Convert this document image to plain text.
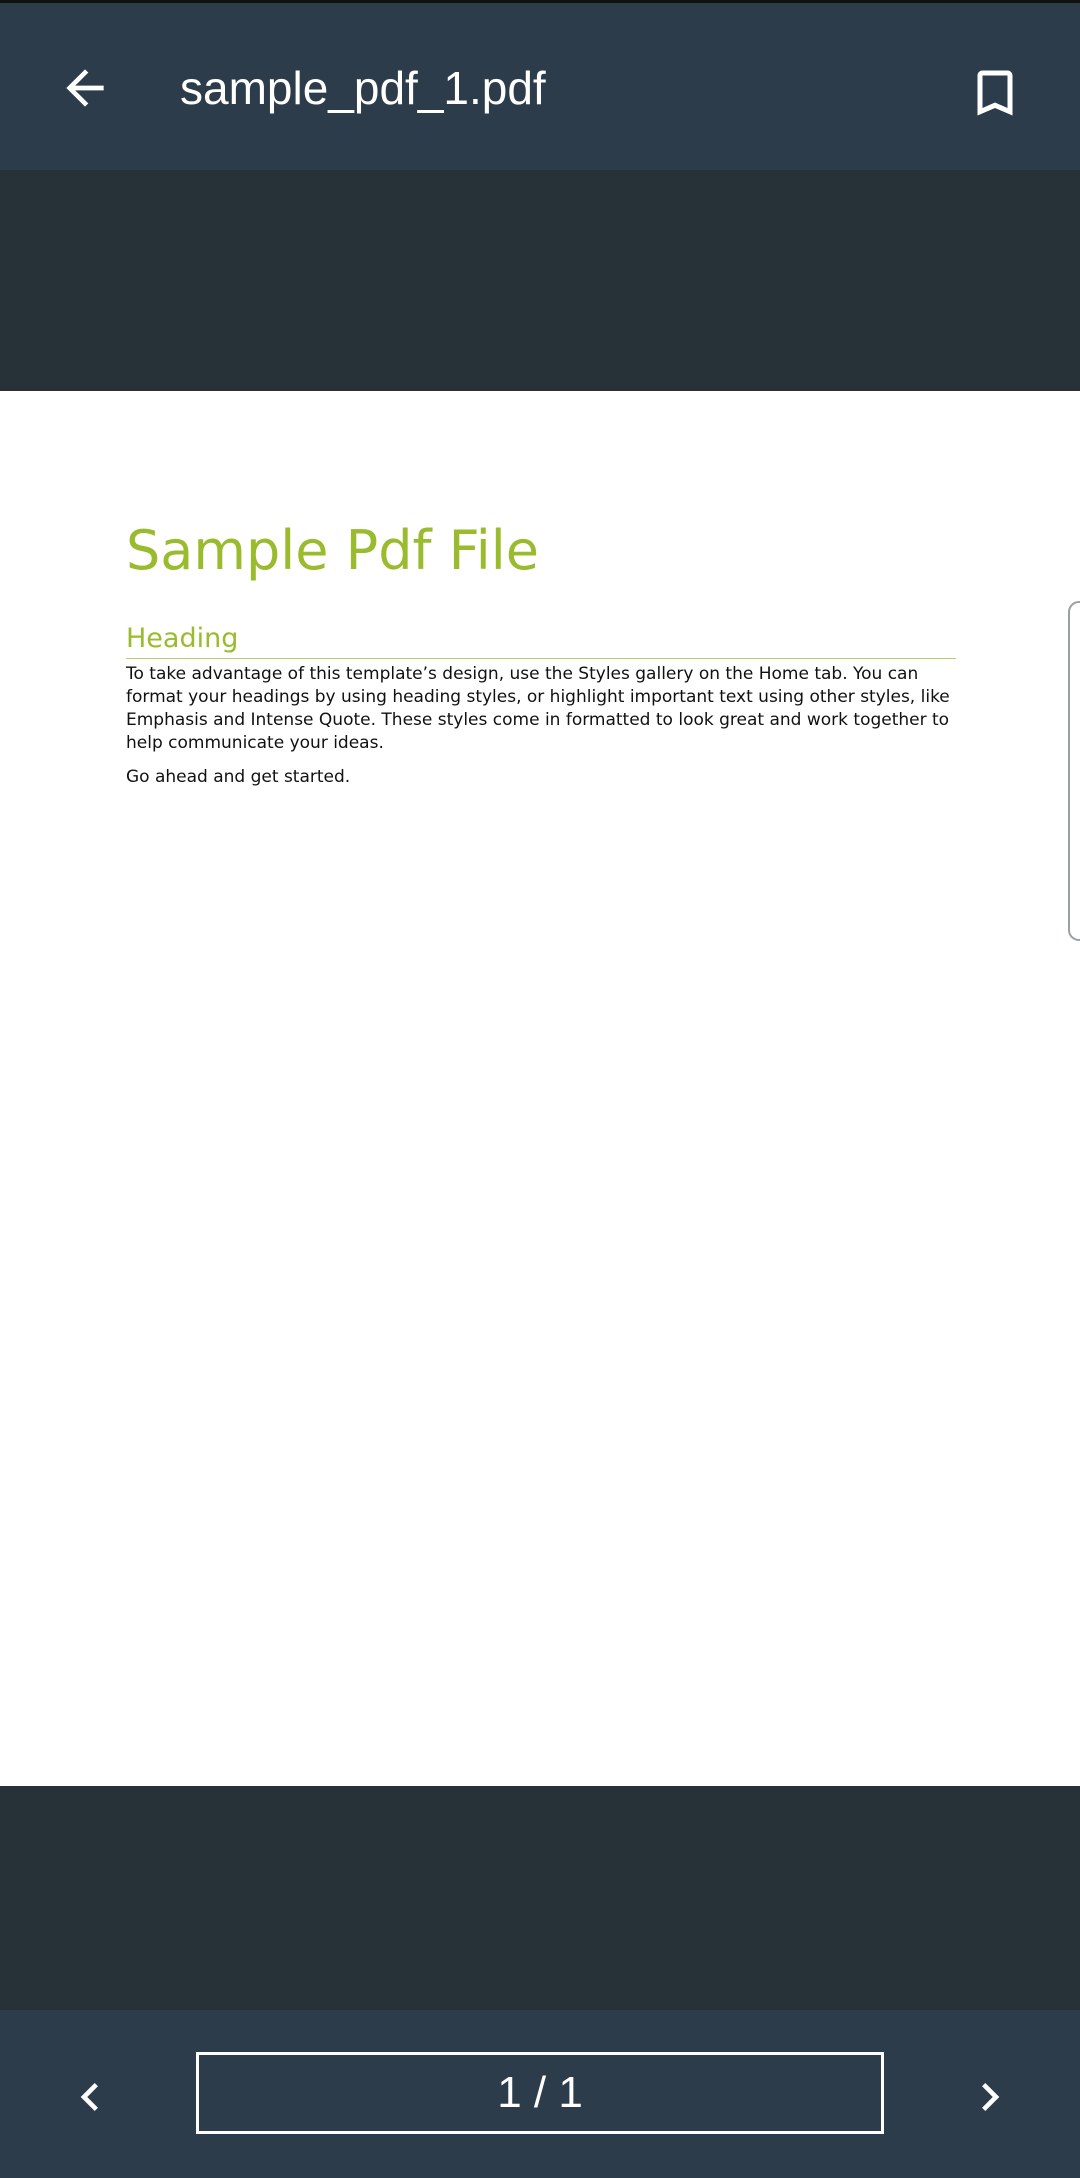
sample_pdf_1.pdf
Sample Pdf File
Heading

To take advantage of this template’s design, use the Styles gallery on the Home tab. You can format your headings by using heading styles, or highlight important text using other styles, like Emphasis and Intense Quote. These styles come in formatted to look great and work together to help communicate your ideas.

Go ahead and get started.

1 / 1
